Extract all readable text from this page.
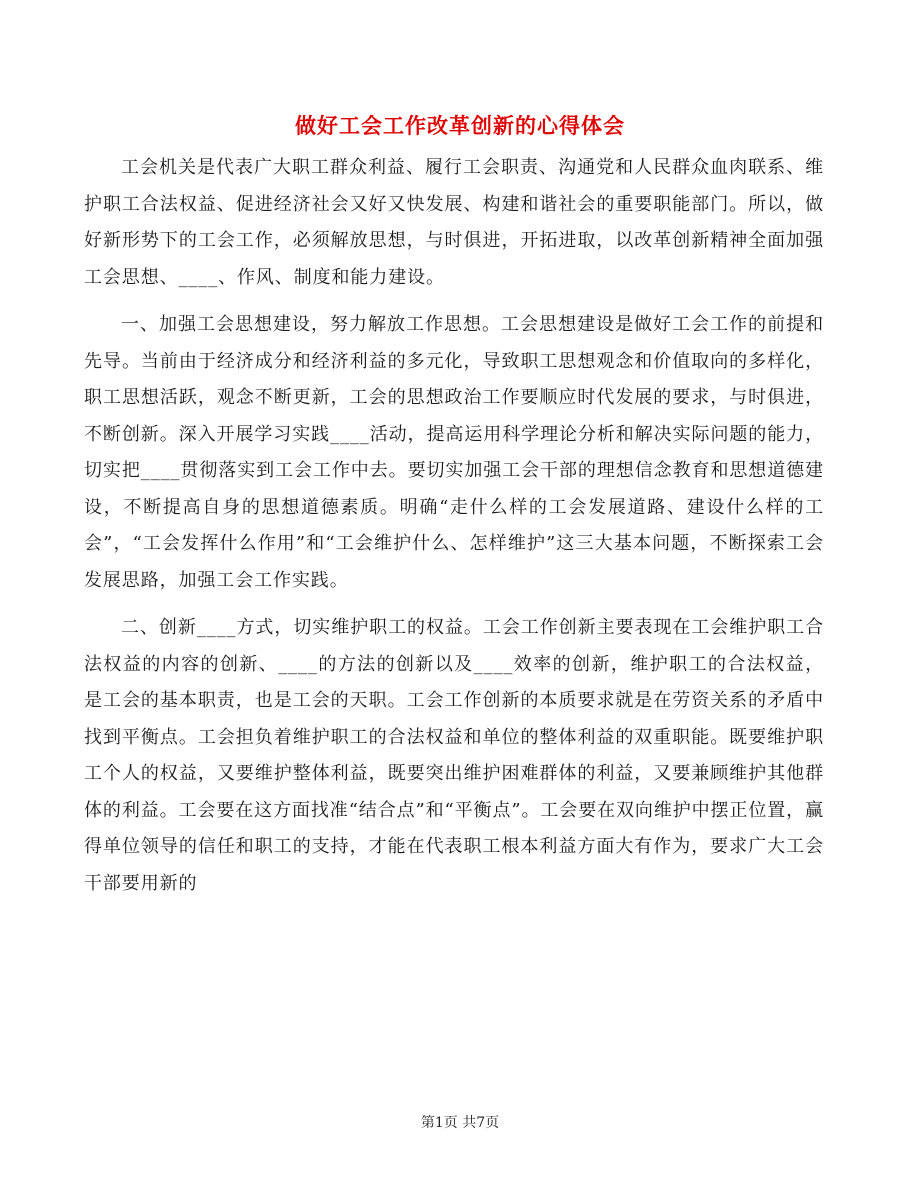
做好工会工作改革创新的心得体会

工会机关是代表广大职工群众利益、履行工会职责、沟通党和人民群众血肉联系、维护职工合法权益、促进经济社会又好又快发展、构建和谐社会的重要职能部门。所以，做好新形势下的工会工作，必须解放思想，与时俱进，开拓进取，以改革创新精神全面加强工会思想、____、作风、制度和能力建设。

一、加强工会思想建设，努力解放工作思想。工会思想建设是做好工会工作的前提和先导。当前由于经济成分和经济利益的多元化，导致职工思想观念和价值取向的多样化，职工思想活跃，观念不断更新，工会的思想政治工作要顺应时代发展的要求，与时俱进，不断创新。深入开展学习实践____活动，提高运用科学理论分析和解决实际问题的能力，切实把____贯彻落实到工会工作中去。要切实加强工会干部的理想信念教育和思想道德建设，不断提高自身的思想道德素质。明确“走什么样的工会发展道路、建设什么样的工会”，“工会发挥什么作用”和“工会维护什么、怎样维护”这三大基本问题，不断探索工会发展思路，加强工会工作实践。

二、创新____方式，切实维护职工的权益。工会工作创新主要表现在工会维护职工合法权益的内容的创新、____的方法的创新以及____效率的创新，维护职工的合法权益，是工会的基本职责，也是工会的天职。工会工作创新的本质要求就是在劳资关系的矛盾中找到平衡点。工会担负着维护职工的合法权益和单位的整体利益的双重职能。既要维护职工个人的权益，又要维护整体利益，既要突出维护困难群体的利益，又要兼顾维护其他群体的利益。工会要在这方面找准“结合点”和“平衡点”。工会要在双向维护中摆正位置，赢得单位领导的信任和职工的支持，才能在代表职工根本利益方面大有作为，要求广大工会干部要用新的

第1页 共7页
